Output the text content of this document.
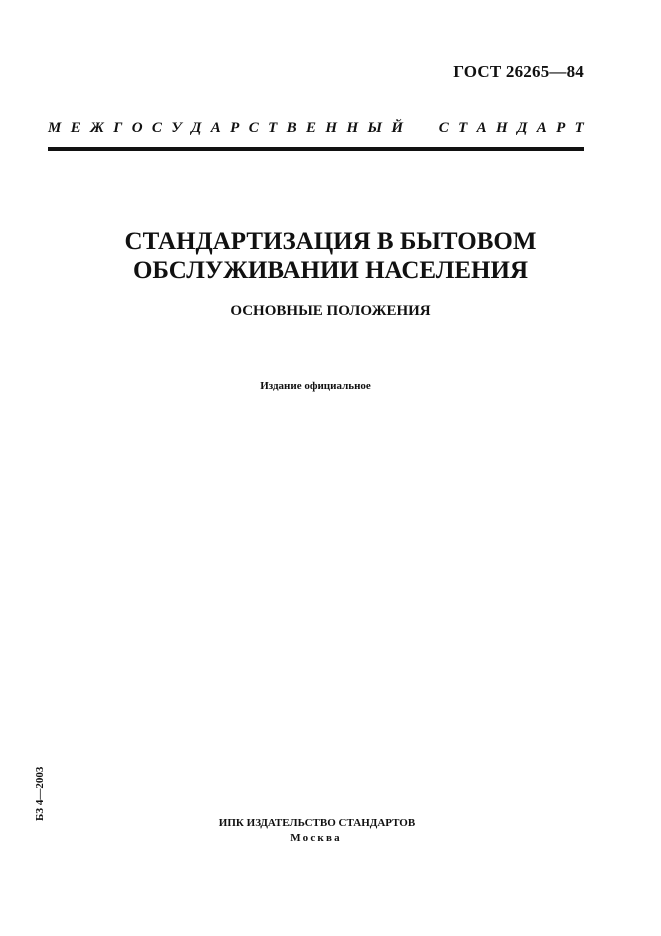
ГОСТ 26265—84
М Е Ж Г О С У Д А Р С Т В Е Н Н Ы Й

С Т А Н Д А Р Т
СТАНДАРТИЗАЦИЯ В БЫТОВОМ
ОБСЛУЖИВАНИИ НАСЕЛЕНИЯ
ОСНОВНЫЕ ПОЛОЖЕНИЯ
Издание официальное
БЗ 4—2003
ИПК ИЗДАТЕЛЬСТВО СТАНДАРТОВ
Москва
